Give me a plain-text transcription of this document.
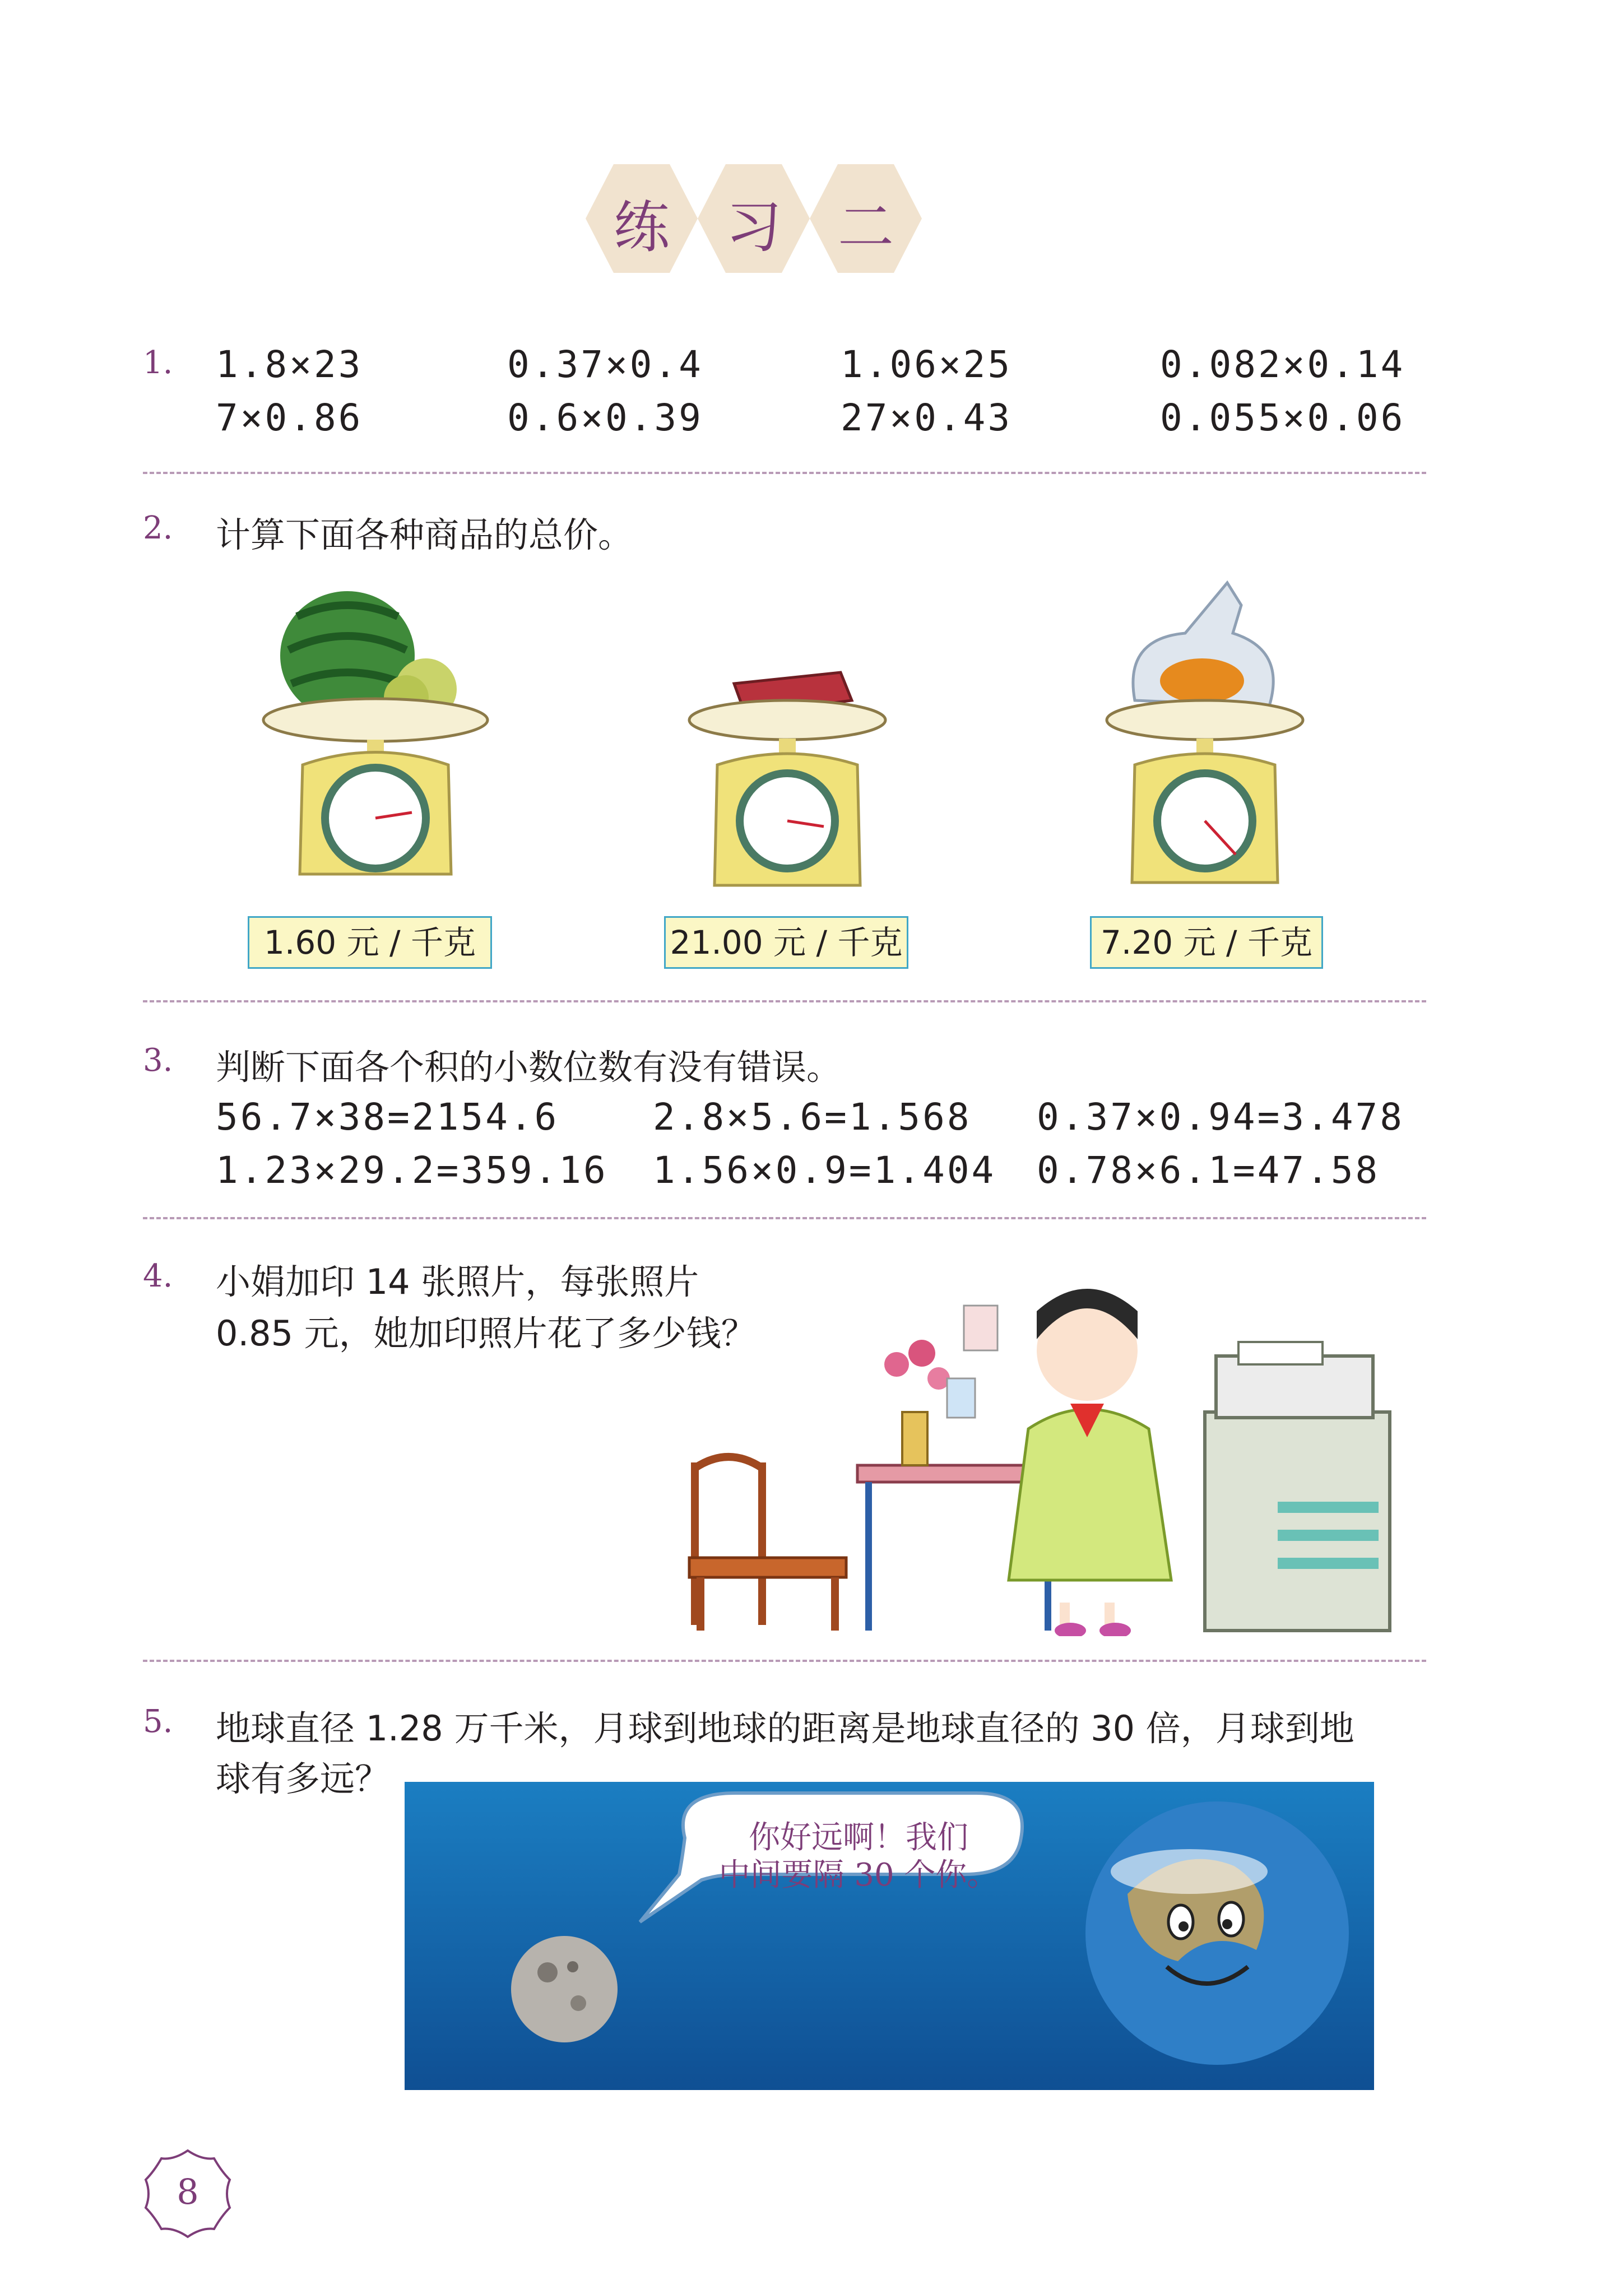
练	习	二
1. 1.8×23	0.37×0.4	1.06×25	0.082×0.14
7×0.86	0.6×0.39	27×0.43	0.055×0.06
2. 计算下面各种商品的总价。
1.60 元 / 千克	21.00 元 / 千克	7.20 元 / 千克
3. 判断下面各个积的小数位数有没有错误。
56.7×38=2154.6	2.8×5.6=1.568 0.37×0.94=3.478
1.23×29.2=359.16 1.56×0.9=1.404 0.78×6.1=47.58
4. 小娟加印 14 张照片，每张照片
0.85 元，她加印照片花了多少钱？
5. 地球直径 1.28 万千米，月球到地球的距离是地球直径的 30 倍，月球到地
球有多远？
你好远啊！我们
中间要隔 30 个你。
8
